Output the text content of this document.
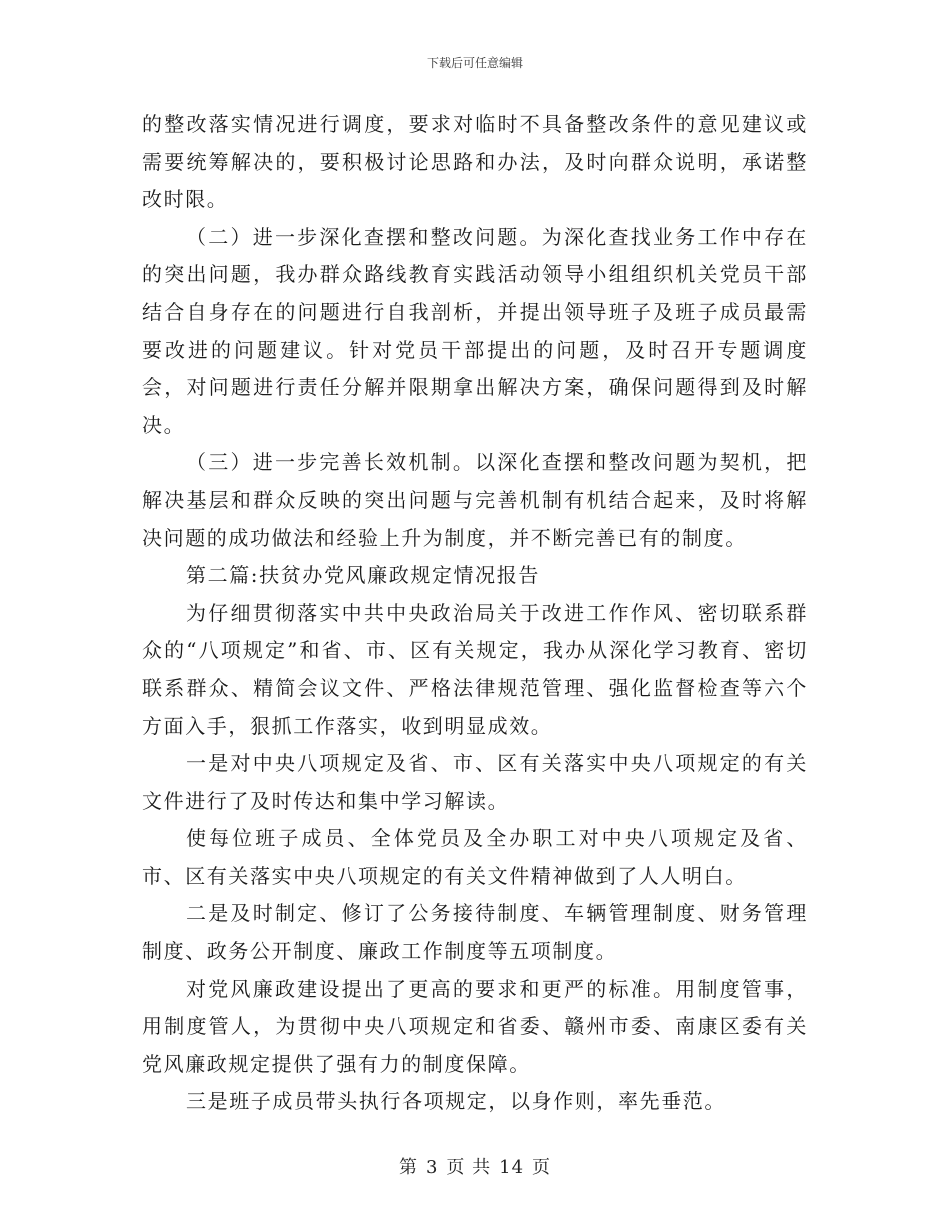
下载后可任意编辑

的整改落实情况进行调度，要求对临时不具备整改条件的意见建议或需要统筹解决的，要积极讨论思路和办法，及时向群众说明，承诺整改时限。

（二）进一步深化查摆和整改问题。为深化查找业务工作中存在的突出问题，我办群众路线教育实践活动领导小组组织机关党员干部结合自身存在的问题进行自我剖析，并提出领导班子及班子成员最需要改进的问题建议。针对党员干部提出的问题，及时召开专题调度会，对问题进行责任分解并限期拿出解决方案，确保问题得到及时解决。

（三）进一步完善长效机制。以深化查摆和整改问题为契机，把解决基层和群众反映的突出问题与完善机制有机结合起来，及时将解决问题的成功做法和经验上升为制度，并不断完善已有的制度。

第二篇:扶贫办党风廉政规定情况报告

为仔细贯彻落实中共中央政治局关于改进工作作风、密切联系群众的“八项规定”和省、市、区有关规定，我办从深化学习教育、密切联系群众、精简会议文件、严格法律规范管理、强化监督检查等六个方面入手，狠抓工作落实，收到明显成效。

一是对中央八项规定及省、市、区有关落实中央八项规定的有关文件进行了及时传达和集中学习解读。

使每位班子成员、全体党员及全办职工对中央八项规定及省、市、区有关落实中央八项规定的有关文件精神做到了人人明白。

二是及时制定、修订了公务接待制度、车辆管理制度、财务管理制度、政务公开制度、廉政工作制度等五项制度。

对党风廉政建设提出了更高的要求和更严的标准。用制度管事，用制度管人，为贯彻中央八项规定和省委、赣州市委、南康区委有关党风廉政规定提供了强有力的制度保障。

三是班子成员带头执行各项规定，以身作则，率先垂范。

第 3 页 共 14 页
